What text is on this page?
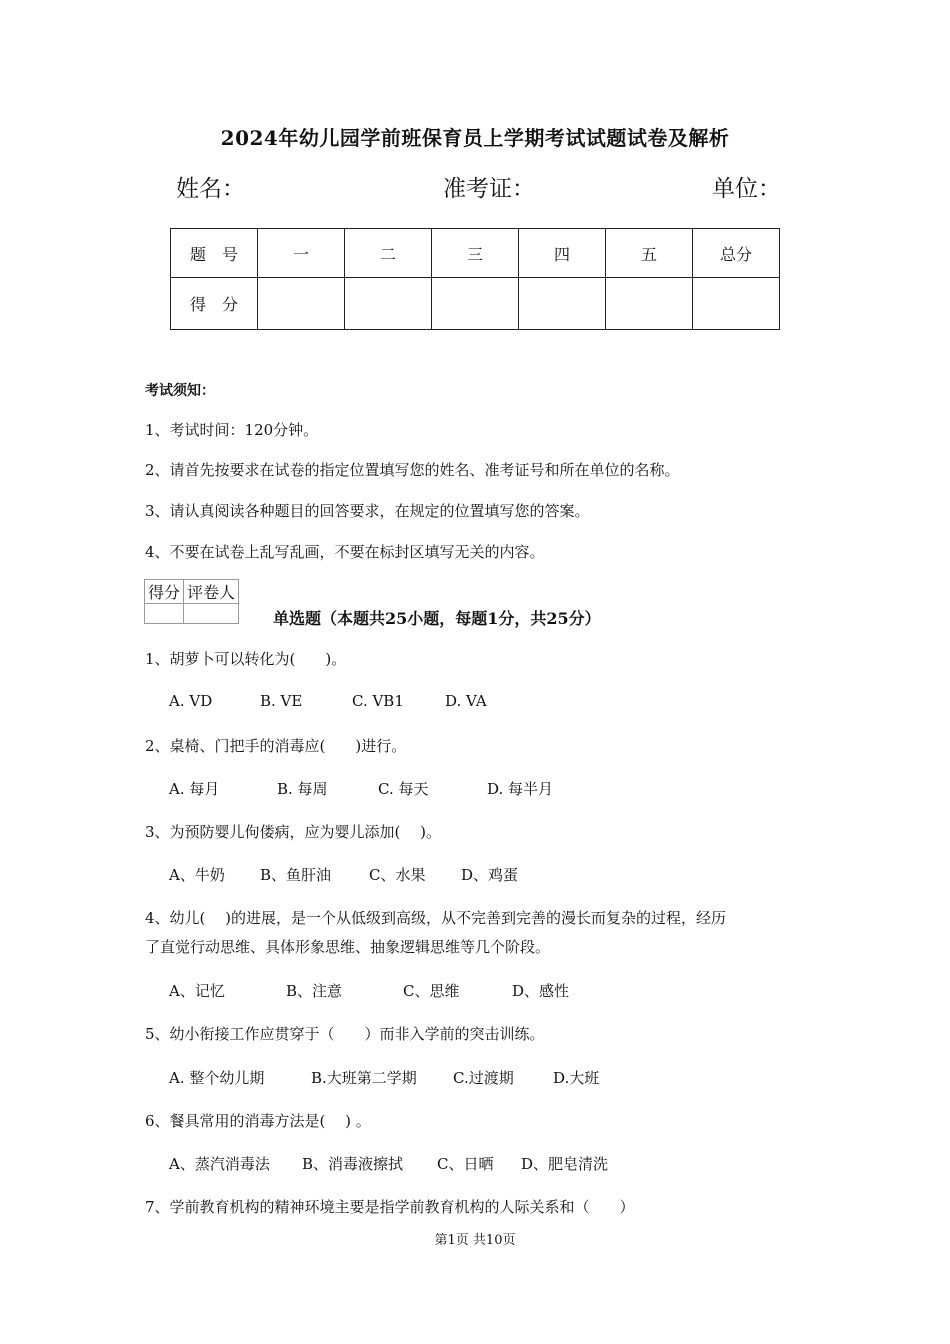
2024年幼儿园学前班保育员上学期考试试题试卷及解析
姓名：	准考证：	单位：
题　号	一	二	三	四	五	总分
得　分						
考试须知：
1、考试时间：120分钟。
2、请首先按要求在试卷的指定位置填写您的姓名、准考证号和所在单位的名称。
3、请认真阅读各种题目的回答要求，在规定的位置填写您的答案。
4、不要在试卷上乱写乱画，不要在标封区填写无关的内容。
得分	评卷人

单选题（本题共25小题，每题1分，共25分）
1、胡萝卜可以转化为(　　)。
A. VD	B. VE	C. VB1	D. VA
2、桌椅、门把手的消毒应(　　)进行。
A. 每月	B. 每周	C. 每天	D. 每半月
3、为预防婴儿佝偻病，应为婴儿添加(　 )。
A、牛奶 B、鱼肝油	C、水果 D、鸡蛋
4、幼儿(　 )的进展，是一个从低级到高级，从不完善到完善的漫长而复杂的过程，经历
了直觉行动思维、具体形象思维、抽象逻辑思维等几个阶段。
A、记忆	B、注意	C、思维	D、感性
5、幼小衔接工作应贯穿于（　　）而非入学前的突击训练。
A. 整个幼儿期	B.大班第二学期 C.过渡期	D.大班
6、餐具常用的消毒方法是(　 ) 。
A、蒸汽消毒法 B、消毒液擦拭 C、日晒 D、肥皂清洗
7、学前教育机构的精神环境主要是指学前教育机构的人际关系和（　　）
第1页 共10页
